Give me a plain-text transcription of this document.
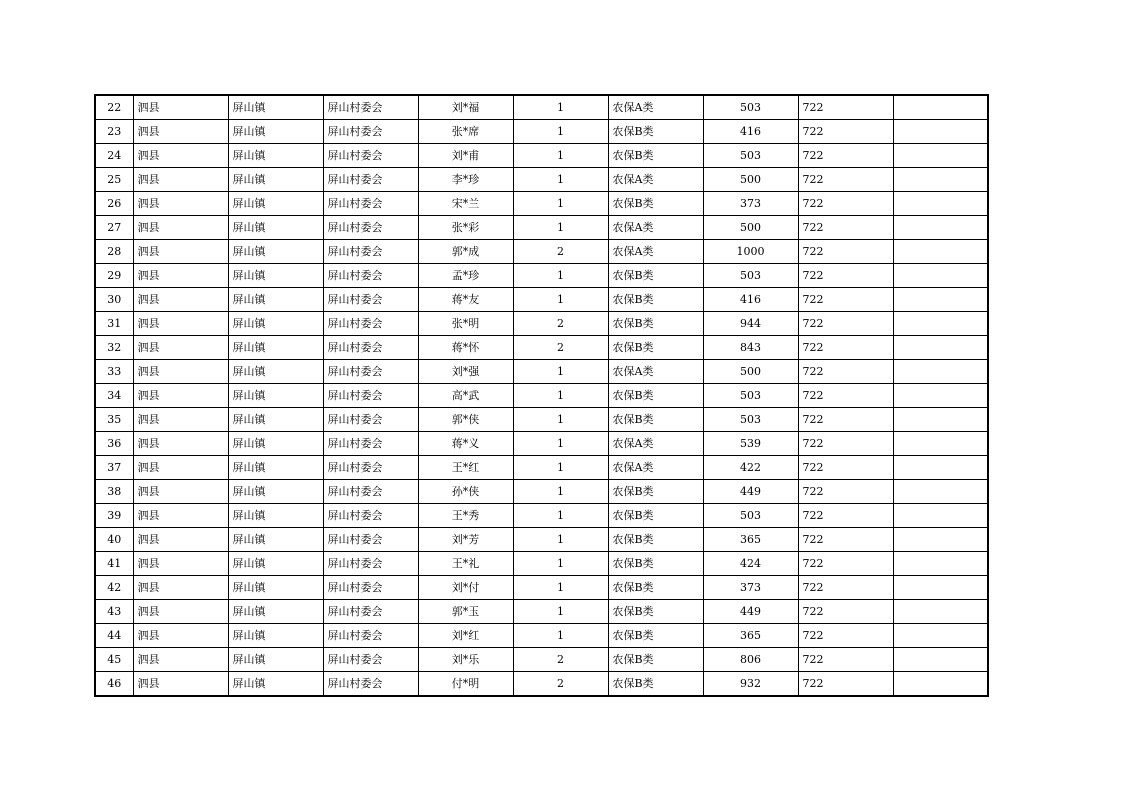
22	泗县	屏山镇	屏山村委会	刘*福	1	农保A类	503	722	
23	泗县	屏山镇	屏山村委会	张*席	1	农保B类	416	722	
24	泗县	屏山镇	屏山村委会	刘*甫	1	农保B类	503	722	
25	泗县	屏山镇	屏山村委会	李*珍	1	农保A类	500	722	
26	泗县	屏山镇	屏山村委会	宋*兰	1	农保B类	373	722	
27	泗县	屏山镇	屏山村委会	张*彩	1	农保A类	500	722	
28	泗县	屏山镇	屏山村委会	郭*成	2	农保A类	1000	722	
29	泗县	屏山镇	屏山村委会	孟*珍	1	农保B类	503	722	
30	泗县	屏山镇	屏山村委会	蒋*友	1	农保B类	416	722	
31	泗县	屏山镇	屏山村委会	张*明	2	农保B类	944	722	
32	泗县	屏山镇	屏山村委会	蒋*怀	2	农保B类	843	722	
33	泗县	屏山镇	屏山村委会	刘*强	1	农保A类	500	722	
34	泗县	屏山镇	屏山村委会	高*武	1	农保B类	503	722	
35	泗县	屏山镇	屏山村委会	郭*侠	1	农保B类	503	722	
36	泗县	屏山镇	屏山村委会	蒋*义	1	农保A类	539	722	
37	泗县	屏山镇	屏山村委会	王*红	1	农保A类	422	722	
38	泗县	屏山镇	屏山村委会	孙*侠	1	农保B类	449	722	
39	泗县	屏山镇	屏山村委会	王*秀	1	农保B类	503	722	
40	泗县	屏山镇	屏山村委会	刘*芳	1	农保B类	365	722	
41	泗县	屏山镇	屏山村委会	王*礼	1	农保B类	424	722	
42	泗县	屏山镇	屏山村委会	刘*付	1	农保B类	373	722	
43	泗县	屏山镇	屏山村委会	郭*玉	1	农保B类	449	722	
44	泗县	屏山镇	屏山村委会	刘*红	1	农保B类	365	722	
45	泗县	屏山镇	屏山村委会	刘*乐	2	农保B类	806	722	
46	泗县	屏山镇	屏山村委会	付*明	2	农保B类	932	722	
